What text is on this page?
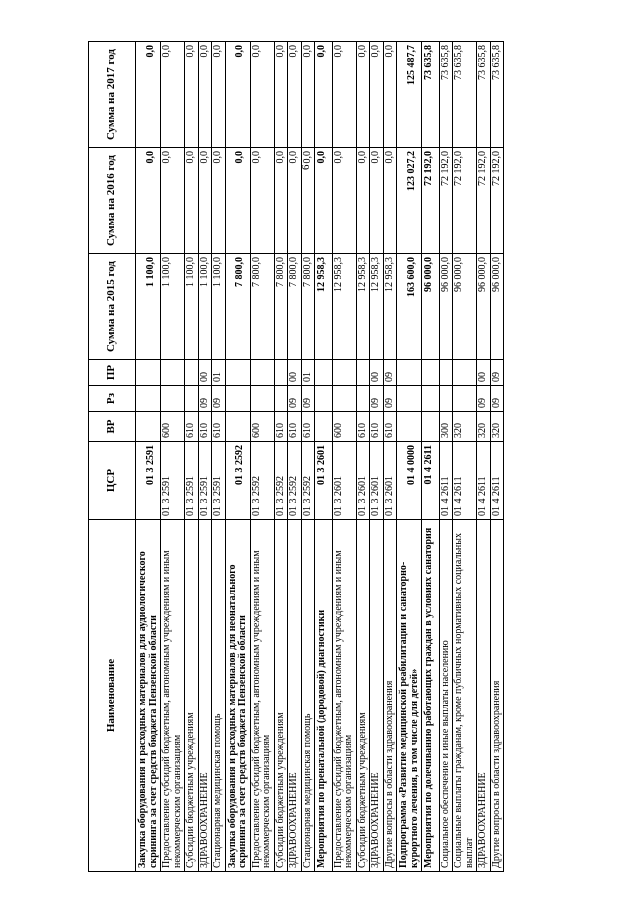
6
Наименование	ЦСР	ВР	Рз	ПР	Сумма на 2015 год	Сумма на 2016 год	Сумма на 2017 год
Закупка оборудования и расходных материалов для аудиологического скрининга за счет средств бюджета Пензенской области	01 3 2591				1 100,0	0,0	0,0
Предоставление субсидий бюджетным, автономным учреждениям и иным некоммерческим организациям	01 3 2591	600			1 100,0	0,0	0,0
Субсидии бюджетным учреждениям	01 3 2591	610			1 100,0	0,0	0,0
ЗДРАВООХРАНЕНИЕ	01 3 2591	610	09	00	1 100,0	0,0	0,0
Стационарная медицинская помощь	01 3 2591	610	09	01	1 100,0	0,0	0,0
Закупка оборудования и расходных материалов для неонатального скрининга за счет средств бюджета Пензенской области	01 3 2592				7 800,0	0,0	0,0
Предоставление субсидий бюджетным, автономным учреждениям и иным некоммерческим организациям	01 3 2592	600			7 800,0	0,0	0,0
Субсидии бюджетным учреждениям	01 3 2592	610			7 800,0	0,0	0,0
ЗДРАВООХРАНЕНИЕ	01 3 2592	610	09	00	7 800,0	0,0	0,0
Стационарная медицинская помощь	01 3 2592	610	09	01	7 800,0	0,0	0,0
Мероприятия по пренатальной (дородовой) диагностики	01 3 2601				12 958,3	0,0	0,0
Предоставление субсидий бюджетным, автономным учреждениям и иным некоммерческим организациям	01 3 2601	600			12 958,3	0,0	0,0
Субсидии бюджетным учреждениям	01 3 2601	610			12 958,3	0,0	0,0
ЗДРАВООХРАНЕНИЕ	01 3 2601	610	09	00	12 958,3	0,0	0,0
Другие вопросы в области здравоохранения	01 3 2601	610	09	09	12 958,3	0,0	0,0
Подпрограмма «Развитие медицинской реабилитации и санаторно-курортного лечения, в том числе для детей»	01 4 0000				163 600,0	123 027,2	125 487,7
Мероприятия по долечиванию работающих граждан в условиях санатория	01 4 2611				96 000,0	72 192,0	73 635,8
Социальное обеспечение и иные выплаты населению	01 4 2611	300			96 000,0	72 192,0	73 635,8
Социальные выплаты гражданам, кроме публичных нормативных социальных выплат	01 4 2611	320			96 000,0	72 192,0	73 635,8
ЗДРАВООХРАНЕНИЕ	01 4 2611	320	09	00	96 000,0	72 192,0	73 635,8
Другие вопросы в области здравоохранения	01 4 2611	320	09	09	96 000,0	72 192,0	73 635,8
